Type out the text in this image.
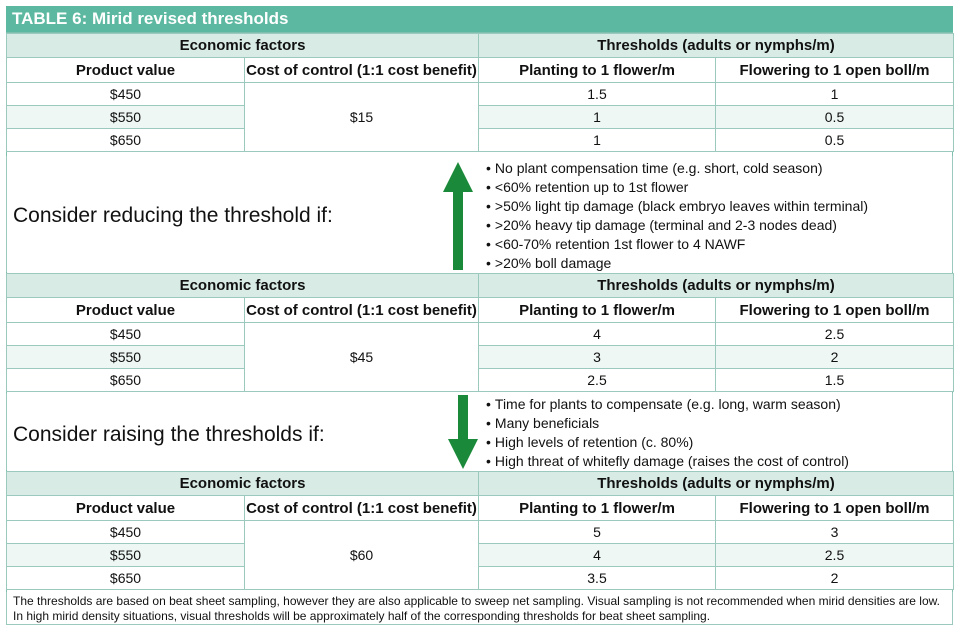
TABLE 6: Mirid revised thresholds
Economic factors		Thresholds (adults or nymphs/m)	
Product value	Cost of control (1:1 cost benefit)	Planting to 1 flower/m	Flowering to 1 open boll/m
$450	$15	1.5	1
$550		1	0.5
$650		1	0.5
Consider reducing the threshold if:
• No plant compensation time (e.g. short, cold season)
• <60% retention up to 1st flower
• >50% light tip damage (black embryo leaves within terminal)
• >20% heavy tip damage (terminal and 2-3 nodes dead)
• <60-70% retention 1st flower to 4 NAWF
• >20% boll damage
Economic factors		Thresholds (adults or nymphs/m)	
Product value	Cost of control (1:1 cost benefit)	Planting to 1 flower/m	Flowering to 1 open boll/m
$450	$45	4	2.5
$550		3	2
$650		2.5	1.5
Consider raising the thresholds if:
• Time for plants to compensate (e.g. long, warm season)
• Many beneficials
• High levels of retention (c. 80%)
• High threat of whitefly damage (raises the cost of control)
Economic factors		Thresholds (adults or nymphs/m)	
Product value	Cost of control (1:1 cost benefit)	Planting to 1 flower/m	Flowering to 1 open boll/m
$450	$60	5	3
$550		4	2.5
$650		3.5	2
The thresholds are based on beat sheet sampling, however they are also applicable to sweep net sampling. Visual sampling is not recommended when mirid densities are low. In high mirid density situations, visual thresholds will be approximately half of the corresponding thresholds for beat sheet sampling.
